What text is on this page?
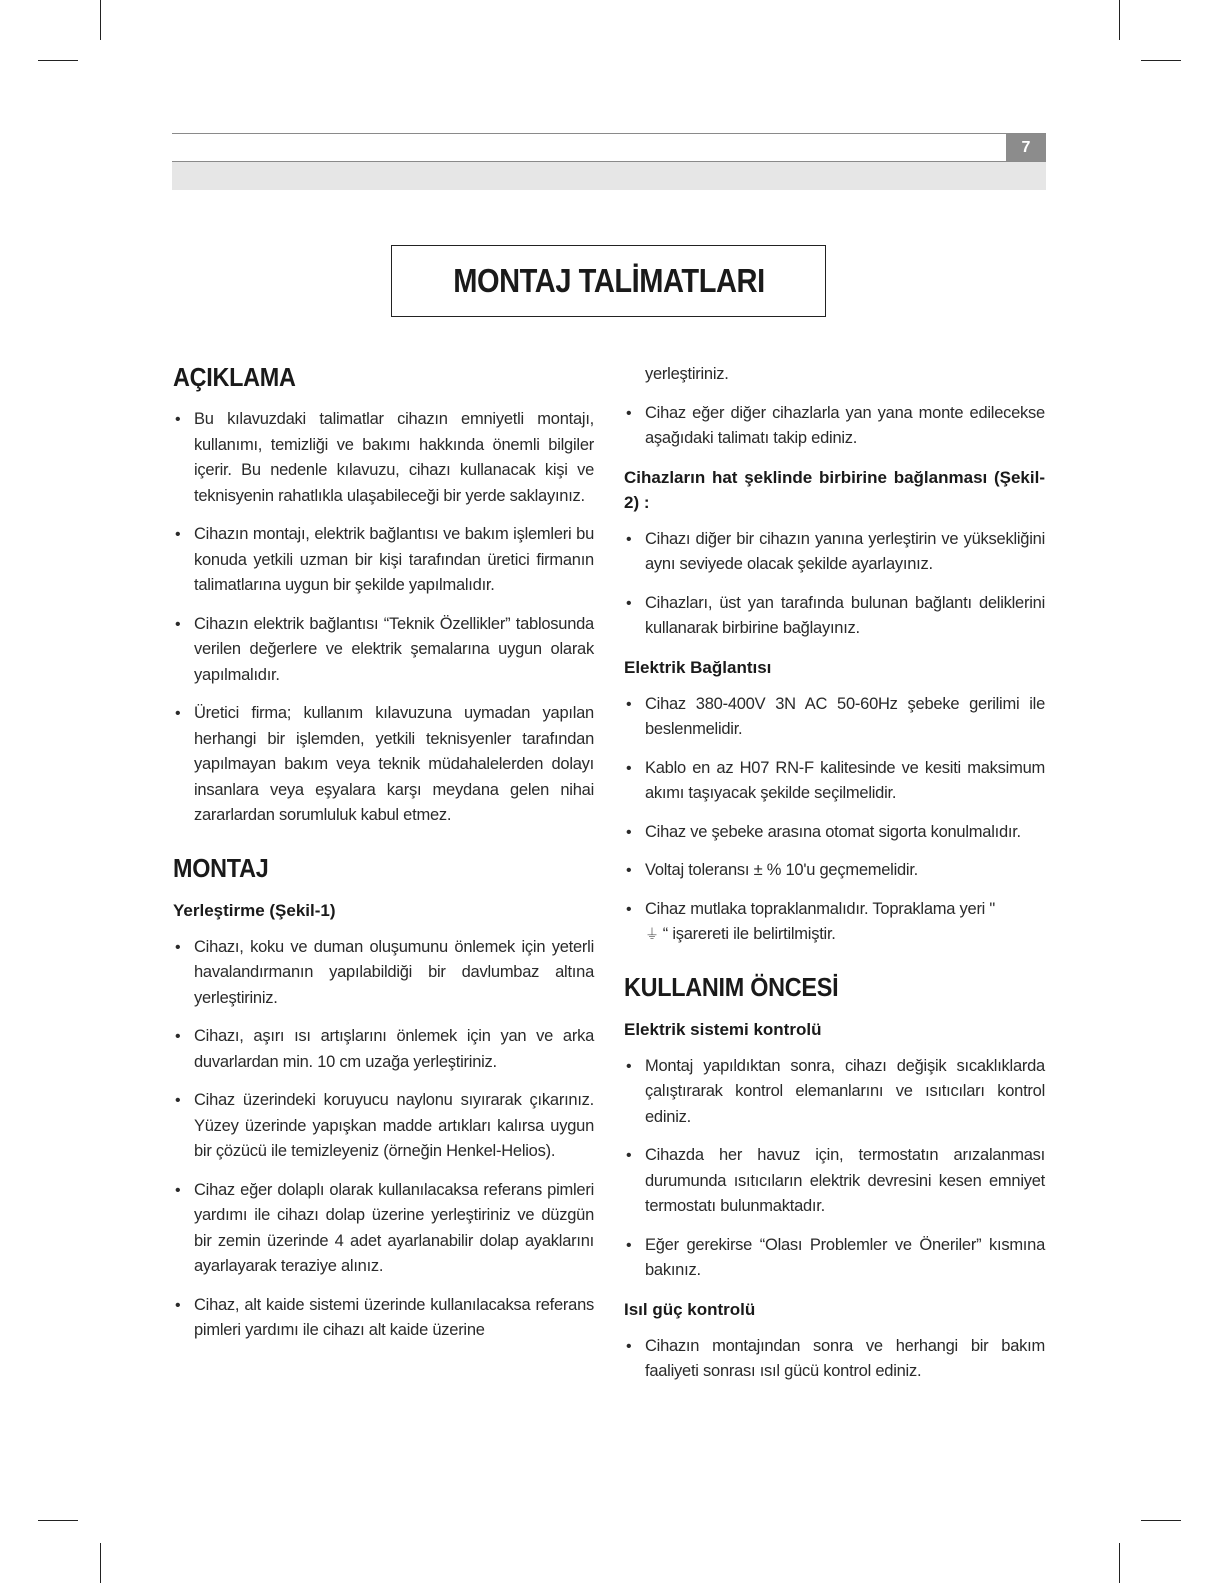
7
MONTAJ TALİMATLARI
AÇIKLAMA
• Bu kılavuzdaki talimatlar cihazın emniyetli montajı, kullanımı, temizliği ve bakımı hakkında önemli bilgiler içerir. Bu nedenle kılavuzu, cihazı kullanacak kişi ve teknisyenin rahatlıkla ulaşabileceği bir yerde saklayınız.
• Cihazın montajı, elektrik bağlantısı ve bakım işlemleri bu konuda yetkili uzman bir kişi tarafından üretici firmanın talimatlarına uygun bir şekilde yapılmalıdır.
• Cihazın elektrik bağlantısı “Teknik Özellikler” tablosunda verilen değerlere ve elektrik şemalarına uygun olarak yapılmalıdır.
• Üretici firma; kullanım kılavuzuna uymadan yapılan herhangi bir işlemden, yetkili teknisyenler tarafından yapılmayan bakım veya teknik müdahalelerden dolayı insanlara veya eşyalara karşı meydana gelen nihai zararlardan sorumluluk kabul etmez.
MONTAJ
Yerleştirme (Şekil-1)
• Cihazı, koku ve duman oluşumunu önlemek için yeterli havalandırmanın yapılabildiği bir davlumbaz altına yerleştiriniz.
• Cihazı, aşırı ısı artışlarını önlemek için yan ve arka duvarlardan min. 10 cm uzağa yerleştiriniz.
• Cihaz üzerindeki koruyucu naylonu sıyırarak çıkarınız. Yüzey üzerinde yapışkan madde artıkları kalırsa uygun bir çözücü ile temizleyeniz (örneğin Henkel-Helios).
• Cihaz eğer dolaplı olarak kullanılacaksa referans pimleri yardımı ile cihazı dolap üzerine yerleştiriniz ve düzgün bir zemin üzerinde 4 adet ayarlanabilir dolap ayaklarını ayarlayarak teraziye alınız.
• Cihaz, alt kaide sistemi üzerinde kullanılacaksa referans pimleri yardımı ile cihazı alt kaide üzerine

yerleştiriniz.

• Cihaz eğer diğer cihazlarla yan yana monte edilecekse aşağıdaki talimatı takip ediniz.
Cihazların hat şeklinde birbirine bağlanması (Şekil-2) :
• Cihazı diğer bir cihazın yanına yerleştirin ve yüksekliğini aynı seviyede olacak şekilde ayarlayınız.
• Cihazları, üst yan tarafında bulunan bağlantı deliklerini kullanarak birbirine bağlayınız.
Elektrik Bağlantısı
• Cihaz 380-400V 3N AC 50-60Hz şebeke gerilimi ile beslenmelidir.
• Kablo en az H07 RN-F kalitesinde ve kesiti maksimum akımı taşıyacak şekilde seçilmelidir.
• Cihaz ve şebeke arasına otomat sigorta konulmalıdır.
• Voltaj toleransı ± % 10'u geçmemelidir.
• Cihaz mutlaka topraklanmalıdır. Topraklama yeri "
⏚ “ işarereti ile belirtilmiştir.
KULLANIM ÖNCESİ
Elektrik sistemi kontrolü
• Montaj yapıldıktan sonra, cihazı değişik sıcaklıklarda çalıştırarak kontrol elemanlarını ve ısıtıcıları kontrol ediniz.
• Cihazda her havuz için, termostatın arızalanması durumunda ısıtıcıların elektrik devresini kesen emniyet termostatı bulunmaktadır.
• Eğer gerekirse “Olası Problemler ve Öneriler” kısmına bakınız.
Isıl güç kontrolü
• Cihazın montajından sonra ve herhangi bir bakım faaliyeti sonrası ısıl gücü kontrol ediniz.
